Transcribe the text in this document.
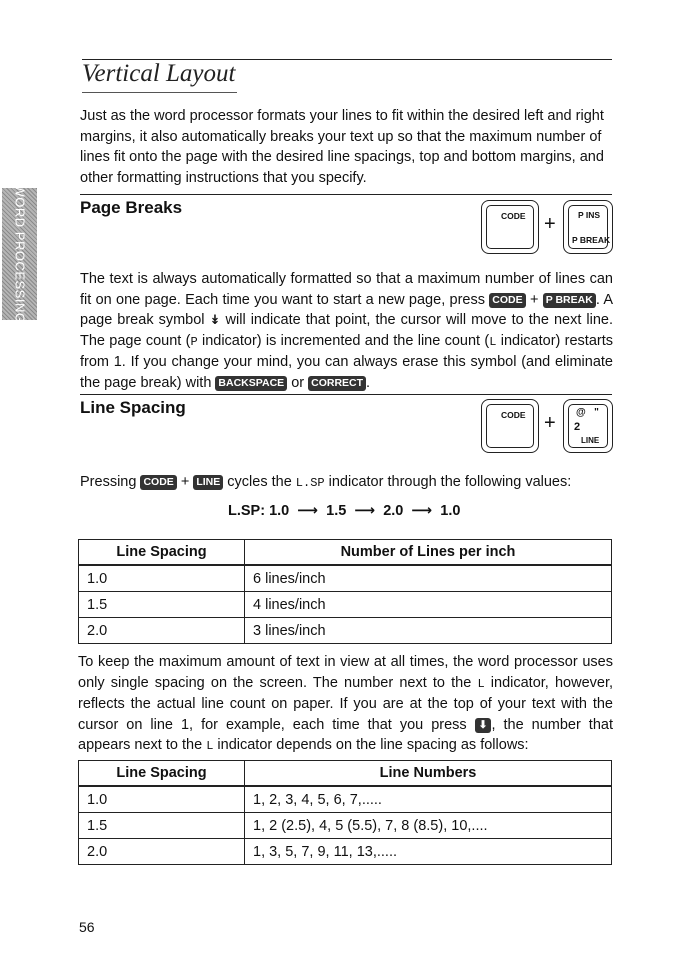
Vertical Layout
Just as the word processor formats your lines to fit within the desired left and right margins, it also automatically breaks your text up so that the maximum number of lines fit onto the page with the desired line spacings, top and bottom margins, and other formatting instructions that you specify.
WORD PROCESSING	Page Breaks	CODE +	P INS
P BREAK
The text is always automatically formatted so that a maximum number of lines can fit on one page. Each time you want to start a new page, press CODE + P BREAK . A page break symbol ↡ will indicate that point, the cursor will move to the next line. The page count (P indicator) is incremented and the line count (L indicator) restarts from 1. If you change your mind, you can always erase this symbol (and eliminate the page break) with BACKSPACE or CORRECT .
Line Spacing	CODE + @   "
2
LINE
Pressing CODE + LINE cycles the L.SP indicator through the following values:
L.SP: 1.0  ⟶  1.5  ⟶  2.0  ⟶  1.0
Line Spacing	Number of Lines per inch
1.0	6 lines/inch
1.5	4 lines/inch
2.0	3 lines/inch
To keep the maximum amount of text in view at all times, the word processor uses only single spacing on the screen. The number next to the L indicator, however, reflects the actual line count on paper. If you are at the top of your text with the cursor on line 1, for example, each time that you press ⬇ , the number that appears next to the L indicator depends on the line spacing as follows:
Line Spacing	Line Numbers
1.0	1, 2, 3, 4, 5, 6, 7,.....
1.5	1, 2 (2.5), 4, 5 (5.5), 7, 8 (8.5), 10,....
2.0	1, 3, 5, 7, 9, 11, 13,.....
56
